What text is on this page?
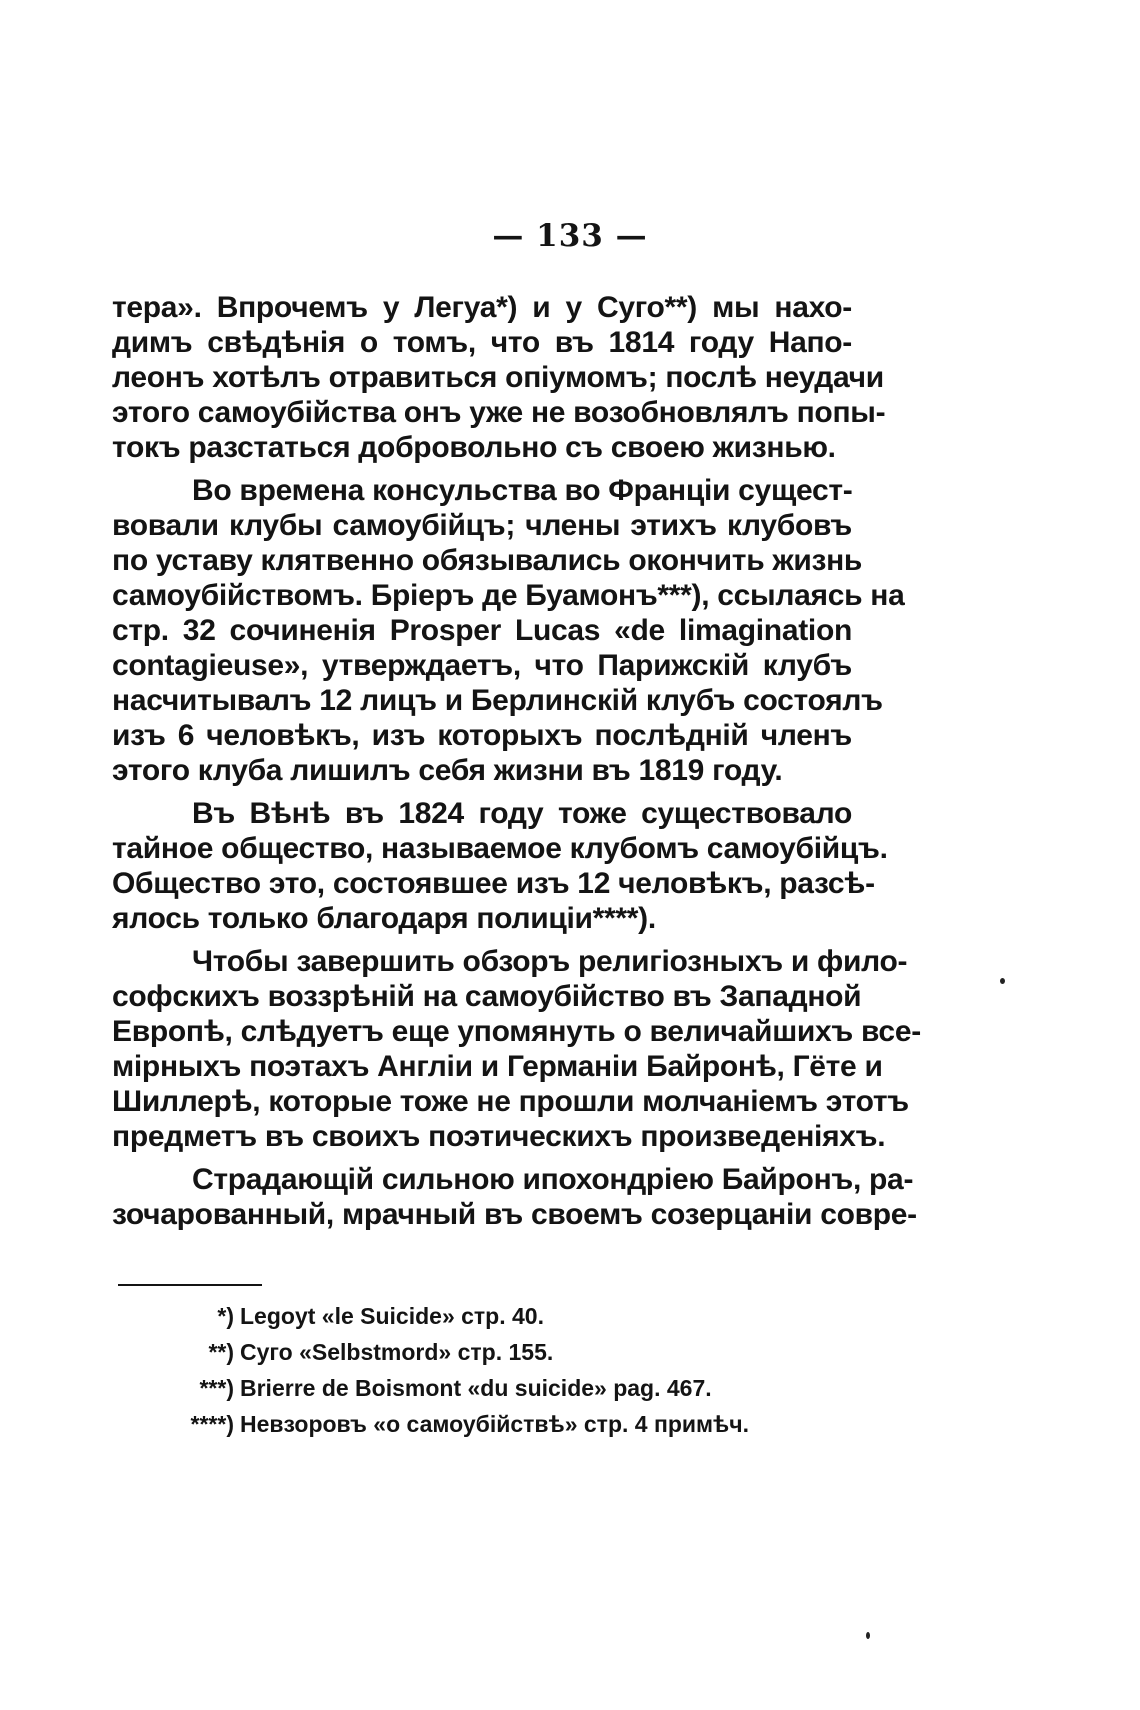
— 133 —
тера». Впрочемъ у Легуа*) и у Суго**) мы нахо-
димъ свѣдѣнія о томъ, что въ 1814 году Напо-
леонъ хотѣлъ отравиться опіумомъ; послѣ неудачи
этого самоубійства онъ уже не возобновлялъ попы-
токъ разстаться добровольно съ своею жизнью.
Во времена консульства во Франціи сущест-
вовали клубы самоубійцъ; члены этихъ клубовъ
по уставу клятвенно обязывались окончить жизнь
самоубійствомъ. Бріеръ де Буамонъ***), ссылаясь на
стр. 32 сочиненія Prosper Lucas «de limagination
contagieuse», утверждаетъ, что Парижскій клубъ
насчитывалъ 12 лицъ и Берлинскій клубъ состоялъ
изъ 6 человѣкъ, изъ которыхъ послѣдній членъ
этого клуба лишилъ себя жизни въ 1819 году.
Въ Вѣнѣ въ 1824 году тоже существовало
тайное общество, называемое клубомъ самоубійцъ.
Общество это, состоявшее изъ 12 человѣкъ, разсѣ-
ялось только благодаря полиціи****).
Чтобы завершить обзоръ религіозныхъ и фило-
софскихъ воззрѣній на самоубійство въ Западной
Европѣ, слѣдуетъ еще упомянуть о величайшихъ все-
мірныхъ поэтахъ Англіи и Германіи Байронѣ, Гёте и
Шиллерѣ, которые тоже не прошли молчаніемъ этотъ
предметъ въ своихъ поэтическихъ произведеніяхъ.
Страдающій сильною ипохондріею Байронъ, ра-
зочарованный, мрачный въ своемъ созерцаніи совре-
*) Legoyt «le Suicide» стр. 40.
**) Cуго «Selbstmord» стр. 155.
***) Brierre de Boismont «du suicide» pag. 467.
****) Невзоровъ «о самоубійствѣ» стр. 4 примѣч.
